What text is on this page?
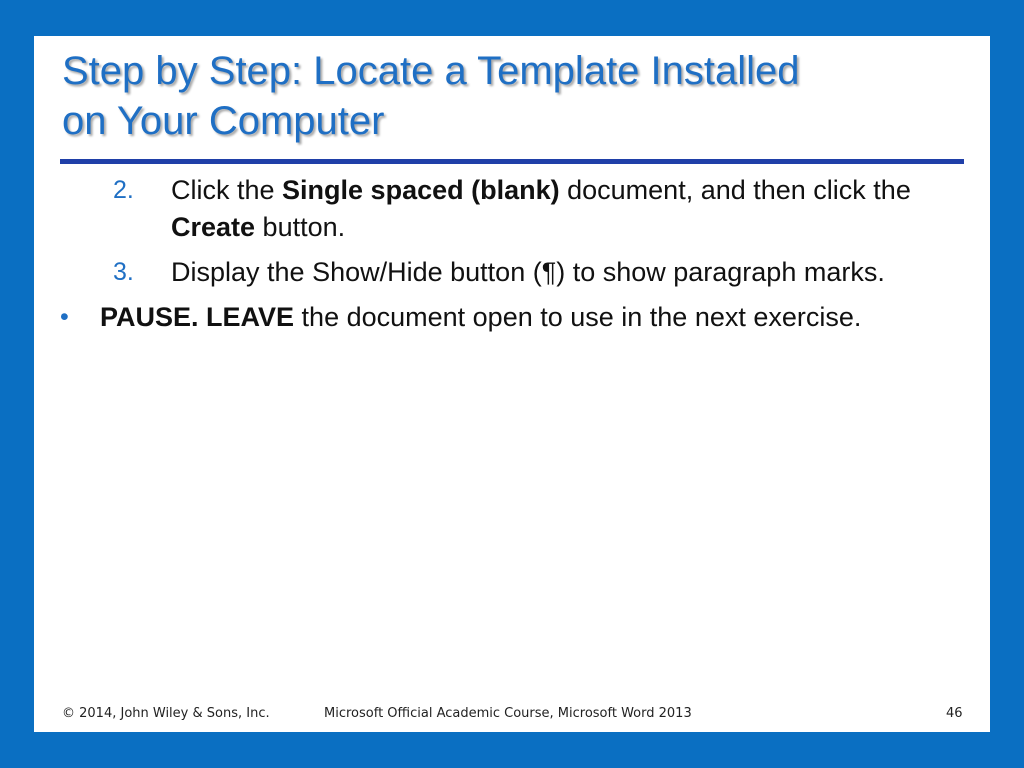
Step by Step: Locate a Template Installed
on Your Computer
2. Click the Single spaced (blank) document, and then click the Create button.
3. Display the Show/Hide button (¶) to show paragraph marks.
• PAUSE. LEAVE the document open to use in the next exercise.
© 2014, John Wiley & Sons, Inc.	Microsoft Official Academic Course, Microsoft Word 2013	46
